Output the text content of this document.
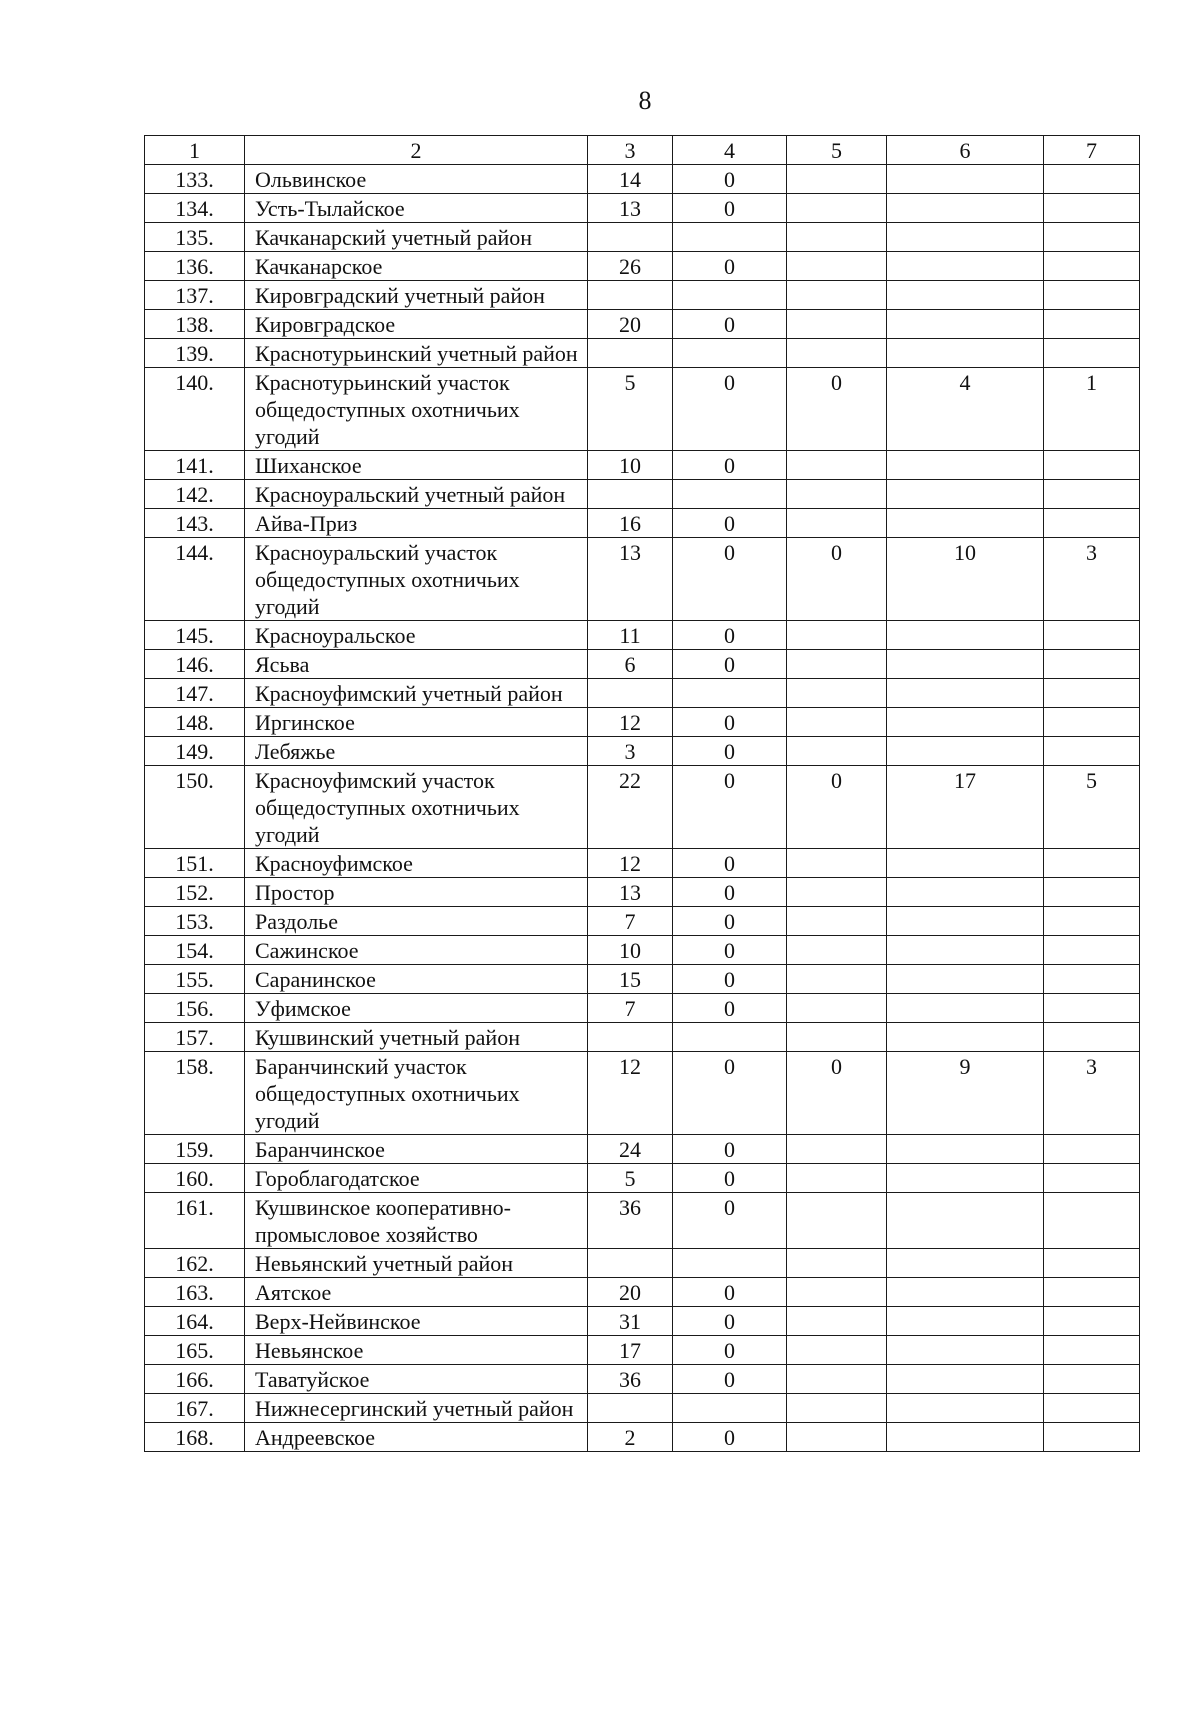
8
1	2	3	4	5	6	7
133.	Ольвинское	14	0			
134.	Усть-Тылайское	13	0			
135.	Качканарский учетный район					
136.	Качканарское	26	0			
137.	Кировградский учетный район					
138.	Кировградское	20	0			
139.	Краснотурьинский учетный район					
140.	Краснотурьинский участок общедоступных охотничьих угодий	5	0	0	4	1
141.	Шиханское	10	0			
142.	Красноуральский учетный район					
143.	Айва-Приз	16	0			
144.	Красноуральский участок общедоступных охотничьих угодий	13	0	0	10	3
145.	Красноуральское	11	0			
146.	Ясьва	6	0			
147.	Красноуфимский учетный район					
148.	Иргинское	12	0			
149.	Лебяжье	3	0			
150.	Красноуфимский участок общедоступных охотничьих угодий	22	0	0	17	5
151.	Красноуфимское	12	0			
152.	Простор	13	0			
153.	Раздолье	7	0			
154.	Сажинское	10	0			
155.	Саранинское	15	0			
156.	Уфимское	7	0			
157.	Кушвинский учетный район					
158.	Баранчинский участок общедоступных охотничьих угодий	12	0	0	9	3
159.	Баранчинское	24	0			
160.	Гороблагодатское	5	0			
161.	Кушвинское кооперативно-промысловое хозяйство	36	0			
162.	Невьянский учетный район					
163.	Аятское	20	0			
164.	Верх-Нейвинское	31	0			
165.	Невьянское	17	0			
166.	Таватуйское	36	0			
167.	Нижнесергинский учетный район					
168.	Андреевское	2	0			
